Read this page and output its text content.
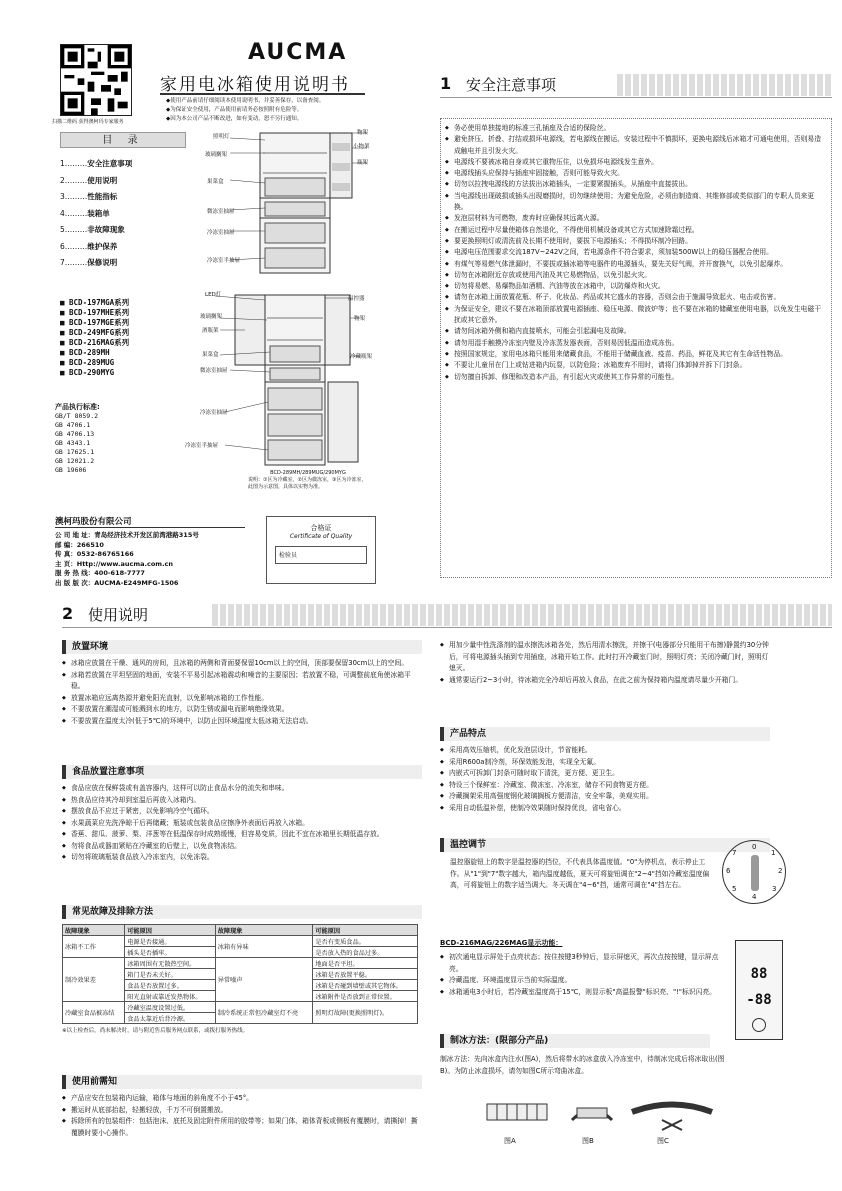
扫描二维码 获得澳柯玛专家服务
AUCMA
家用电冰箱使用说明书
◆使用产品前请仔细阅读本使用说明书，并妥善保存，以备查阅。
◆为保证安全使用，产品使用前请务必按照附有危险等。
◆因为本公司产品不断改进，如有变动，恕不另行通知。
目 录
1………安全注意事项
2………使用说明
3………性能指标
4………装箱单
5………非故障现象
6………维护保养
7………保修说明
■ BCD-197MGA系列
■ BCD-197MHE系列
■ BCD-197MGE系列
■ BCD-249MFG系列
■ BCD-216MAG系列
■ BCD-289MH
■ BCD-289MUG
■ BCD-290MYG
产品执行标准:
GB/T 8059.2
GB 4706.1
GB 4706.13
GB 4343.1
GB 17625.1
GB 12021.2
GB 19606
照明灯
玻璃搁架
果菜盒
微冻室抽屉
冷冻室抽屉
冷冻室半抽屉
物架
小物架
瓶架
LED灯
玻璃搁架
酒瓶架
果菜盒
微冻室抽屉
冷冻室抽屉
冷冻室半抽屉
温控器
物架
冷藏瓶架
BCD-289MH/289MUG/290MYG
说明：①区为冷藏室，②区为微冻室，③区为冷冻室，此图为示意图，具体以实物为准。
澳柯玛股份有限公司
公 司 地 址：青岛经济技术开发区前湾港路315号
邮 编：266510
传 真：0532-86765166
主 页：Http://www.aucma.com.cn
服 务 热 线：400-618-7777
出 版 版 次：AUCMA-E249MFG-1506
合格证
Certificate of Quality
检验员
1 安全注意事项
◆ 务必使用单独接地的标准三孔插座及合适的保险丝。
◆ 避免挤压、折叠、打结或损坏电源线，若电源线在搬运、安装过程中不慎损坏，更换电源线后冰箱才可通电使用，否则易造成触电并且引发火灾。
◆ 电源线不要被冰箱自身或其它重物压住，以免损坏电源线发生意外。
◆ 电源线插头应保持与插座牢固接触，否则可能导致火灾。
◆ 切勿以拉拽电源线的方法拔出冰箱插头，一定要紧握插头，从插座中直接拔出。
◆ 当电源线出现破损或插头出现磨损时，切勿继续使用；为避免危险，必须由制造商、其维修部或类似部门的专职人员来更换。
◆ 发泡层材料为可燃物，废弃时应确保其远离火源。
◆ 在搬运过程中尽量使箱体自然退化，不得使用机械设备或其它方式加速除霜过程。
◆ 要更换照明灯或清洗前及长期不使用时，要拔下电源插头；不得损坏制冷回路。
◆ 电源电压范围要求交流187V~242V之间，若电源条件不符合要求，须加装500W以上的稳压器配合使用。
◆ 有煤气等易燃气体泄漏时，不要拔或插冰箱等电器件的电源插头，要先关好气阀，并开窗换气，以免引起爆炸。
◆ 切勿在冰箱附近存放或使用汽油及其它易燃物品，以免引起火灾。
◆ 切勿将易燃、易爆物品如酒精、汽油等放在冰箱中，以防爆炸和火灾。
◆ 请勿在冰箱上面放置花瓶、杯子、化妆品、药品或其它盛水的容器，否则会由于施漏导致起火、电击或伤害。
◆ 为保证安全，建议不要在冰箱顶部放置电源插座、稳压电源、微波炉等；也不要在冰箱的储藏室使用电器，以免发生电磁干扰或其它意外。
◆ 请勿间冰箱外侧和箱内直接喷水，可能会引起漏电及故障。
◆ 请勿用湿手触摸冷冻室内壁及冷冻蒸发器表面，否则易因低温而造成冻伤。
◆ 按照国家规定，家用电冰箱只能用来储藏食品，不能用于储藏血液、疫苗、药品，鲜花及其它有生命活性物品。
◆ 不要让儿童吊在门上或钻进箱内玩耍，以防危险；冰箱废弃不用时，请将门体卸掉并拆下门封条。
◆ 切勿擅自拆卸、修理和改造本产品，有引起火灾或使其工作异常的可能性。
2 使用说明
放置环境
◆ 冰箱应放置在干燥、通风的房间，且冰箱的两侧和背面要保留10cm以上的空间，顶部要保留30cm以上的空间。
◆ 冰箱若放置在平坦坚固的地面，安装不平易引起冰箱震动和噪音的主要原因；若放置不稳，可调整前底角使冰箱平稳。
◆ 放置冰箱应远离热源并避免阳光直射，以免影响冰箱的工作性能。
◆ 不要放置在潮湿或可能溅到水的地方，以防生锈或漏电而影响绝缘效果。
◆ 不要放置在温度太冷(低于5℃)的环境中，以防止因环境温度太低冰箱无法启动。
食品放置注意事项
◆ 食品应放在保鲜袋或有盖容器内，这样可以防止食品水分的流失和串味。
◆ 热食品应待其冷却到室温后再放入冰箱内。
◆ 摆放食品不应过于紧密，以免影响冷空气循环。
◆ 水果蔬菜应先洗净晾干后再储藏；瓶装或包装食品应擦净外表面后再放入冰箱。
◆ 香蕉、甜瓜、菠萝、梨、洋葱等在低温保存时成熟缓慢，但容易变质，因此不宜在冰箱里长期低温存放。
◆ 勿将食品或器皿紧贴在冷藏室的后壁上，以免食物冻结。
◆ 切勿将玻璃瓶装食品放入冷冻室内，以免冻裂。
常见故障及排除方法
故障现象	可能原因	故障现象	可能原因
冰箱不工作	电源是否接通。	冰箱有异味	是否有变质食品。
	插头是否插牢。		是否放入热的食品过多。
制冷效果差	冰箱周围有无散热空间。	异常噪声	地面是否平坦。
	箱门是否未关好。		冰箱是否放置平稳。
	食品是否放置过多。		冰箱是否碰到墙壁或其它物体。
	阳光直射或靠近发热物体。		冰箱附件是否放到正常位置。
冷藏室食品被冻结	冷藏室温度设置过低。	制冷系统正常但冷藏室灯不亮	照明灯故障(更换照明灯)。
	食品太靠近后背冷源。		
※以上检查后，尚未解决时，请与附近售后服务网点联系，或拨打服务热线。
使用前需知
◆ 产品应安在包装箱内运输，箱体与地面的斜角度不小于45°。
◆ 搬运时从底部抬起，轻搬轻放，千万不可倒置搬放。
◆ 拆除所有的包装组件：包括泡沫、底托及固定附件所用的胶带等；如果门体、箱体背板或侧板有覆膜时，请撕掉！撕覆膜时要小心操作。
◆ 用加少量中性洗涤剂的温水擦洗冰箱各处，然后用清水擦洗，并擦干(电器部分只能用干布擦)静置约30分钟后，可将电源插头插到专用插座，冰箱开始工作。此时打开冷藏室门时，照明灯亮；关闭冷藏门时，照明灯熄灭。
◆ 通常要运行2~3小时，待冰箱完全冷却后再放入食品，在此之前为保持箱内温度请尽量少开箱门。
产品特点
◆ 采用高效压缩机，优化发泡层设计，节省能耗。
◆ 采用R600a制冷剂，环保效能发泡，实现全无氟。
◆ 内嵌式可拆卸门封条可随时取下清洗，更方便、更卫生。
◆ 特设三个保鲜室：冷藏室、微冻室、冷冻室，储存不同食物更方便。
◆ 冷藏搁架采用高强度钢化玻璃搁板方便清洁，安全牢靠，美观实用。
◆ 采用自动低温补偿，使制冷效果随时保持优良，省电省心。
温控调节
温控器旋钮上的数字是温控器的挡位，不代表具体温度值。"0"为停机点，表示停止工作。从"1"到"7"数字越大，箱内温度越低，夏天可将旋钮调在"2~4"挡如冷藏室温度偏高，可将旋钮上的数字适当调大。冬天调在"4~6"挡，通常可调在"4"挡左右。
0
1
2
3
4
5
6
7
BCD-216MAG/226MAG显示功能：
◆ 初次通电显示屏处于点亮状态；按住按键3秒钟后，显示屏熄灭，再次点按按键，显示屏点亮。
◆ 冷藏温度、环境温度显示当前实际温度。
◆ 冰箱通电3小时后，若冷藏室温度高于15℃，则显示板"高温报警"标识亮、"!"标识闪亮。
88
-88
制冰方法：(限部分产品)
制冰方法：先向冰盒内注水(图A)，然后将带水的冰盒放入冷冻室中，待制冰完成后将冰取出(图B)。为防止冰盒损坏，请勿如图C所示弯曲冰盒。
图A	图B	图C
